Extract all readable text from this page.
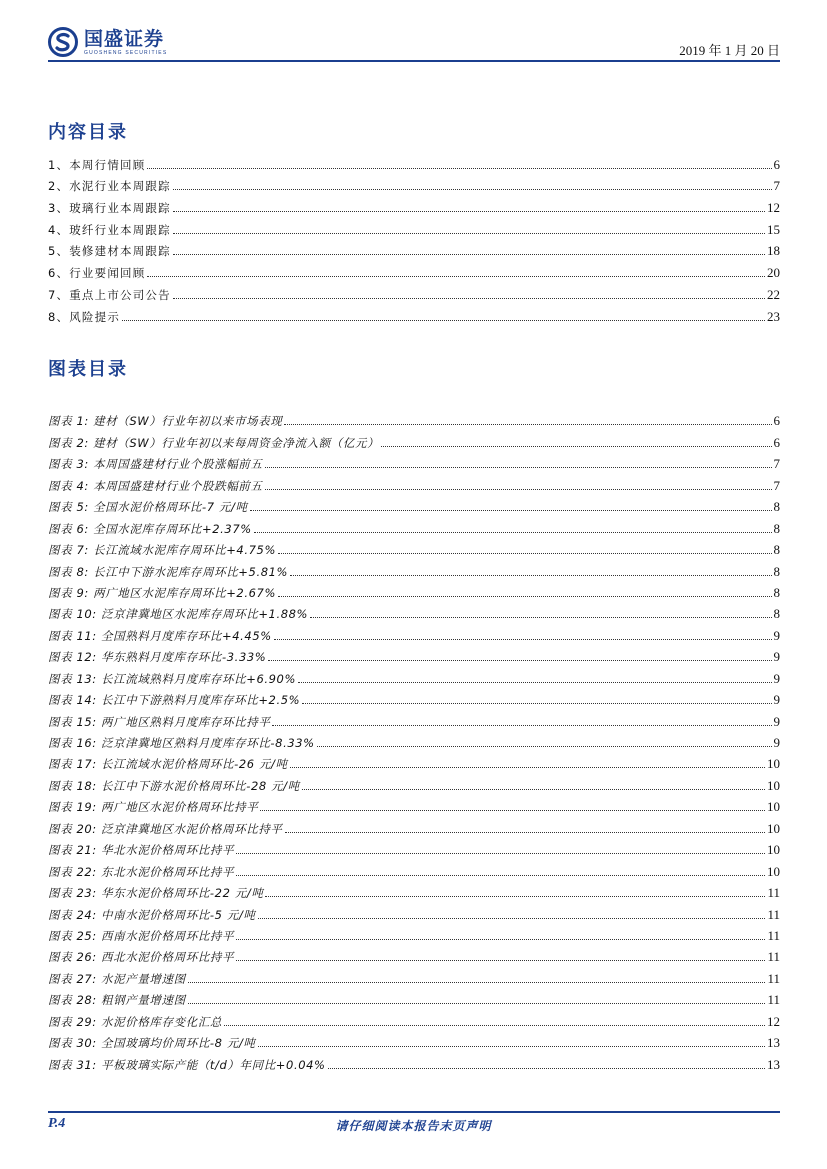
国盛证券
GUOSHENG SECURITIES	2019 年 1 月 20 日
内容目录
1、本周行情回顾	6
2、水泥行业本周跟踪	7
3、玻璃行业本周跟踪	12
4、玻纤行业本周跟踪	15
5、装修建材本周跟踪	18
6、行业要闻回顾	20
7、重点上市公司公告	22
8、风险提示	23
图表目录
图表 1: 建材（SW）行业年初以来市场表现	6
图表 2: 建材（SW）行业年初以来每周资金净流入额（亿元）	6
图表 3: 本周国盛建材行业个股涨幅前五	7
图表 4: 本周国盛建材行业个股跌幅前五	7
图表 5: 全国水泥价格周环比-7 元/吨	8
图表 6: 全国水泥库存周环比+2.37%	8
图表 7: 长江流域水泥库存周环比+4.75%	8
图表 8: 长江中下游水泥库存周环比+5.81%	8
图表 9: 两广地区水泥库存周环比+2.67%	8
图表 10: 泛京津冀地区水泥库存周环比+1.88%	8
图表 11: 全国熟料月度库存环比+4.45%	9
图表 12: 华东熟料月度库存环比-3.33%	9
图表 13: 长江流域熟料月度库存环比+6.90%	9
图表 14: 长江中下游熟料月度库存环比+2.5%	9
图表 15: 两广地区熟料月度库存环比持平	9
图表 16: 泛京津冀地区熟料月度库存环比-8.33%	9
图表 17: 长江流域水泥价格周环比-26 元/吨	10
图表 18: 长江中下游水泥价格周环比-28 元/吨	10
图表 19: 两广地区水泥价格周环比持平	10
图表 20: 泛京津冀地区水泥价格周环比持平	10
图表 21: 华北水泥价格周环比持平	10
图表 22: 东北水泥价格周环比持平	10
图表 23: 华东水泥价格周环比-22 元/吨	11
图表 24: 中南水泥价格周环比-5 元/吨	11
图表 25: 西南水泥价格周环比持平	11
图表 26: 西北水泥价格周环比持平	11
图表 27: 水泥产量增速图	11
图表 28: 粗钢产量增速图	11
图表 29: 水泥价格库存变化汇总	12
图表 30: 全国玻璃均价周环比-8 元/吨	13
图表 31: 平板玻璃实际产能（t/d）年同比+0.04%	13
P.4	请仔细阅读本报告末页声明
